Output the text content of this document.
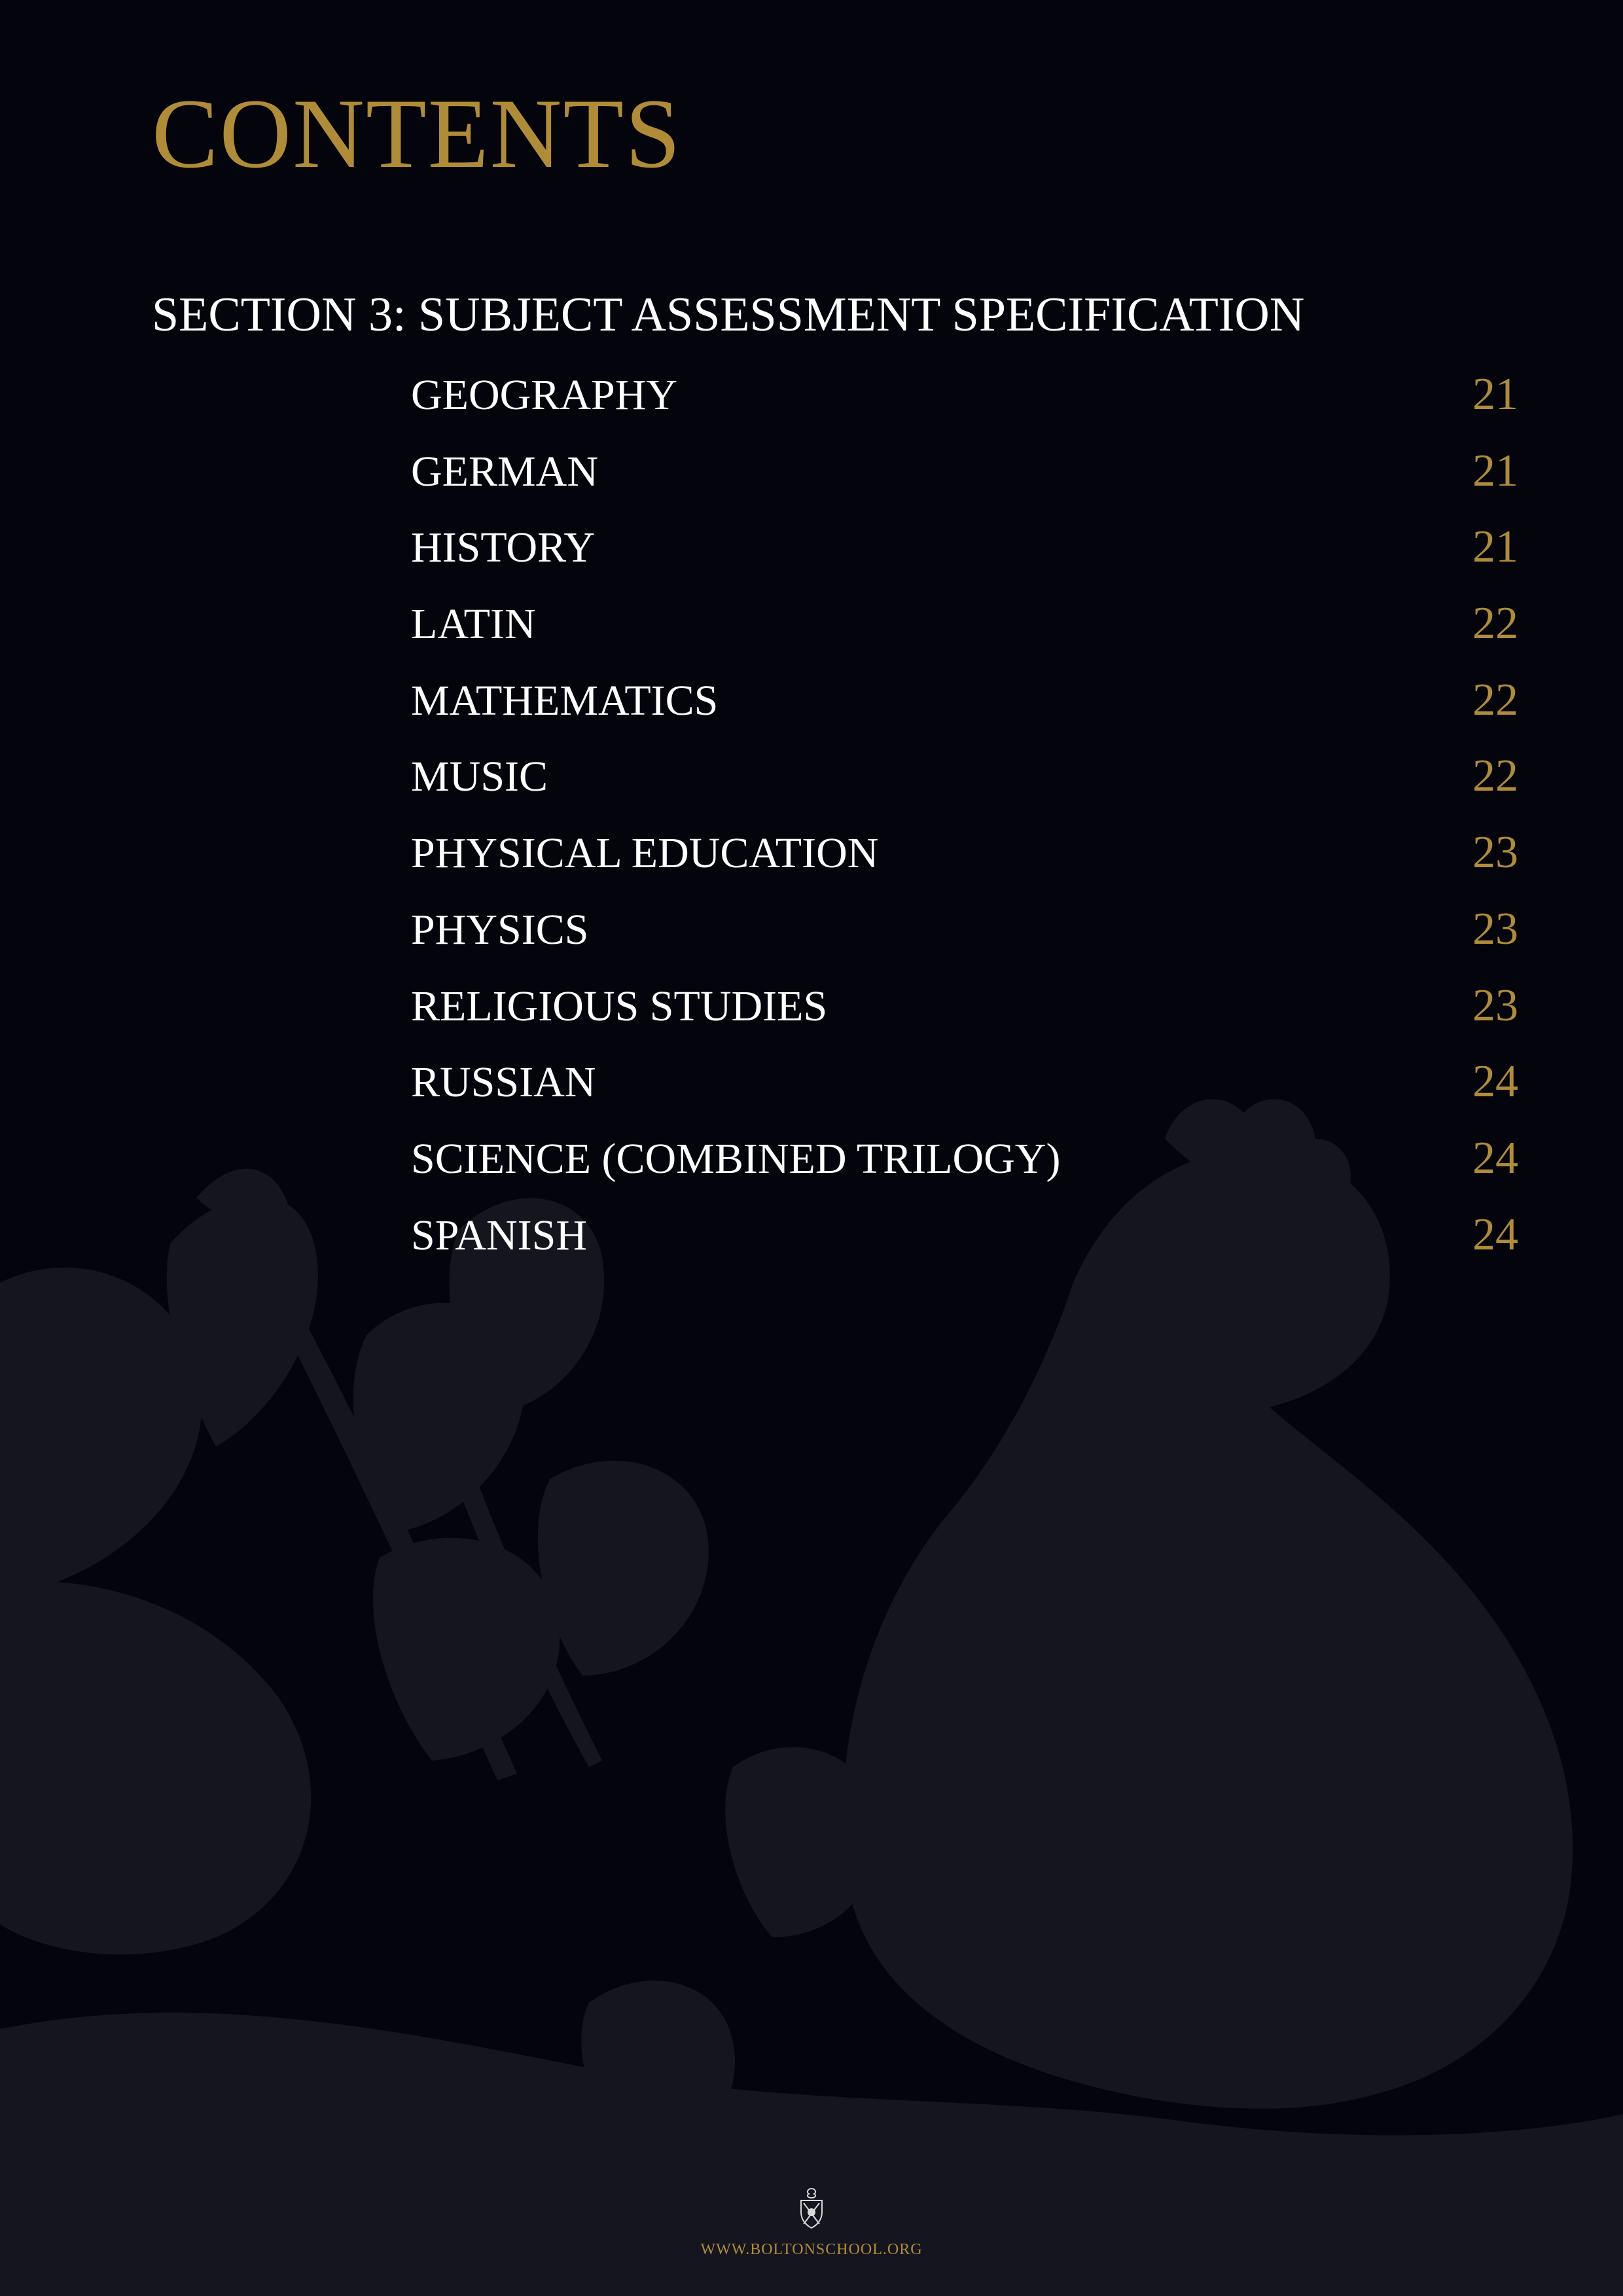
CONTENTS
SECTION 3: SUBJECT ASSESSMENT SPECIFICATION
GEOGRAPHY	21
GERMAN	21
HISTORY	21
LATIN	22
MATHEMATICS	22
MUSIC	22
PHYSICAL EDUCATION	23
PHYSICS	23
RELIGIOUS STUDIES	23
RUSSIAN	24
SCIENCE (COMBINED TRILOGY)	24
SPANISH	24
WWW.BOLTONSCHOOL.ORG
